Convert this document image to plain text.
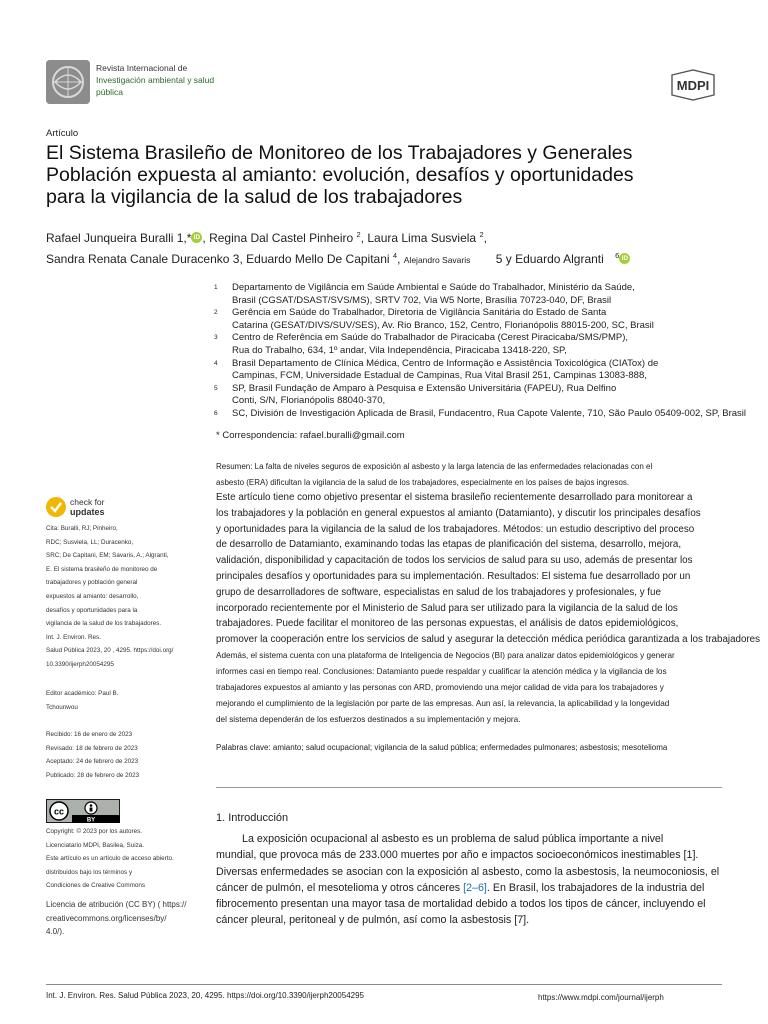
Revista Internacional de
Investigación ambiental y salud
pública	MDPI
Artículo
El Sistema Brasileño de Monitoreo de los Trabajadores y Generales
Población expuesta al amianto: evolución, desafíos y oportunidades
para la vigilancia de la salud de los trabajadores
Rafael Junqueira Buralli 1,* iD , Regina Dal Castel Pinheiro $^2$, Laura Lima Susviela $^2$,
Sandra Renata Canale Duracenko 3, Eduardo Mello De Capitani $^4$, Alejandro Savaris 5 y Eduardo Algranti $^6$ iD
1	Departamento de Vigilância em Saúde Ambiental e Saúde do Trabalhador, Ministério da Saúde,
Brasil (CGSAT/DSAST/SVS/MS), SRTV 702, Via W5 Norte, Brasília 70723-040, DF, Brasil
2	Gerência em Saúde do Trabalhador, Diretoria de Vigilância Sanitária do Estado de Santa
Catarina (GESAT/DIVS/SUV/SES), Av. Rio Branco, 152, Centro, Florianópolis 88015-200, SC, Brasil
3	Centro de Referência em Saúde do Trabalhador de Piracicaba (Cerest Piracicaba/SMS/PMP),
Rua do Trabalho, 634, 1º andar, Vila Independência, Piracicaba 13418-220, SP,
4	Brasil Departamento de Clínica Médica, Centro de Informação e Assistência Toxicológica (CIATox) de
Campinas, FCM, Universidade Estadual de Campinas, Rua Vital Brasil 251, Campinas 13083-888,
5	SP, Brasil Fundação de Amparo à Pesquisa e Extensão Universitária (FAPEU), Rua Delfino
Conti, S/N, Florianópolis 88040-370,
6	SC, División de Investigación Aplicada de Brasil, Fundacentro, Rua Capote Valente, 710, São Paulo 05409-002, SP, Brasil
* Correspondencia: rafael.buralli@gmail.com
Resumen: La falta de niveles seguros de exposición al asbesto y la larga latencia de las enfermedades relacionadas con el
asbesto (ERA) dificultan la vigilancia de la salud de los trabajadores, especialmente en los países de bajos ingresos.
Este artículo tiene como objetivo presentar el sistema brasileño recientemente desarrollado para monitorear a
los trabajadores y la población en general expuestos al amianto (Datamianto), y discutir los principales desafíos
y oportunidades para la vigilancia de la salud de los trabajadores. Métodos: un estudio descriptivo del proceso
de desarrollo de Datamianto, examinando todas las etapas de planificación del sistema, desarrollo, mejora,
validación, disponibilidad y capacitación de todos los servicios de salud para su uso, además de presentar los
principales desafíos y oportunidades para su implementación. Resultados: El sistema fue desarrollado por un
grupo de desarrolladores de software, especialistas en salud de los trabajadores y profesionales, y fue
incorporado recientemente por el Ministerio de Salud para ser utilizado para la vigilancia de la salud de los
trabajadores. Puede facilitar el monitoreo de las personas expuestas, el análisis de datos epidemiológicos,
promover la cooperación entre los servicios de salud y asegurar la detección médica periódica garantizada a los trabajadores
Además, el sistema cuenta con una plataforma de Inteligencia de Negocios (BI) para analizar datos epidemiológicos y generar
informes casi en tiempo real. Conclusiones: Datamianto puede respaldar y cualificar la atención médica y la vigilancia de los
trabajadores expuestos al amianto y las personas con ARD, promoviendo una mejor calidad de vida para los trabajadores y
mejorando el cumplimiento de la legislación por parte de las empresas. Aun así, la relevancia, la aplicabilidad y la longevidad
del sistema dependerán de los esfuerzos destinados a su implementación y mejora.
Palabras clave: amianto; salud ocupacional; vigilancia de la salud pública; enfermedades pulmonares; asbestosis; mesotelioma
check for
updates
Cita: Buralli, RJ; Pinheiro,
RDC; Susviela, LL; Duracenko,
SRC; De Capitani, EM; Savaris, A.; Algranti,
E. El sistema brasileño de monitoreo de
trabajadores y población general
expuestos al amianto: desarrollo,
desafíos y oportunidades para la
vigilancia de la salud de los trabajadores.
Int. J. Environ. Res.
Salud Pública 2023, 20 , 4295. https://doi.org/
10.3390/ijerph20054295
Editor académico: Paul B.
Tchounwou
Recibido: 16 de enero de 2023
Revisado: 18 de febrero de 2023
Aceptado: 24 de febrero de 2023
Publicado: 28 de febrero de 2023
cc
BY
Copyright: © 2023 por los autores.
Licenciatario MDPI, Basilea, Suiza.
Este artículo es un artículo de acceso abierto.
distribuidos bajo los términos y
Condiciones de Creative Commons
Licencia de atribución (CC BY) ( https://
creativecommons.org/licenses/by/
4.0/).
1. Introducción
La exposición ocupacional al asbesto es un problema de salud pública importante a nivel
mundial, que provoca más de 233.000 muertes por año e impactos socioeconómicos inestimables [1].
Diversas enfermedades se asocian con la exposición al asbesto, como la asbestosis, la neumoconiosis, el
cáncer de pulmón, el mesotelioma y otros cánceres [2–6]. En Brasil, los trabajadores de la industria del
fibrocemento presentan una mayor tasa de mortalidad debido a todos los tipos de cáncer, incluyendo el
cáncer pleural, peritoneal y de pulmón, así como la asbestosis [7].
Int. J. Environ. Res. Salud Pública 2023, 20, 4295. https://doi.org/10.3390/ijerph20054295	https://www.mdpi.com/journal/ijerph
